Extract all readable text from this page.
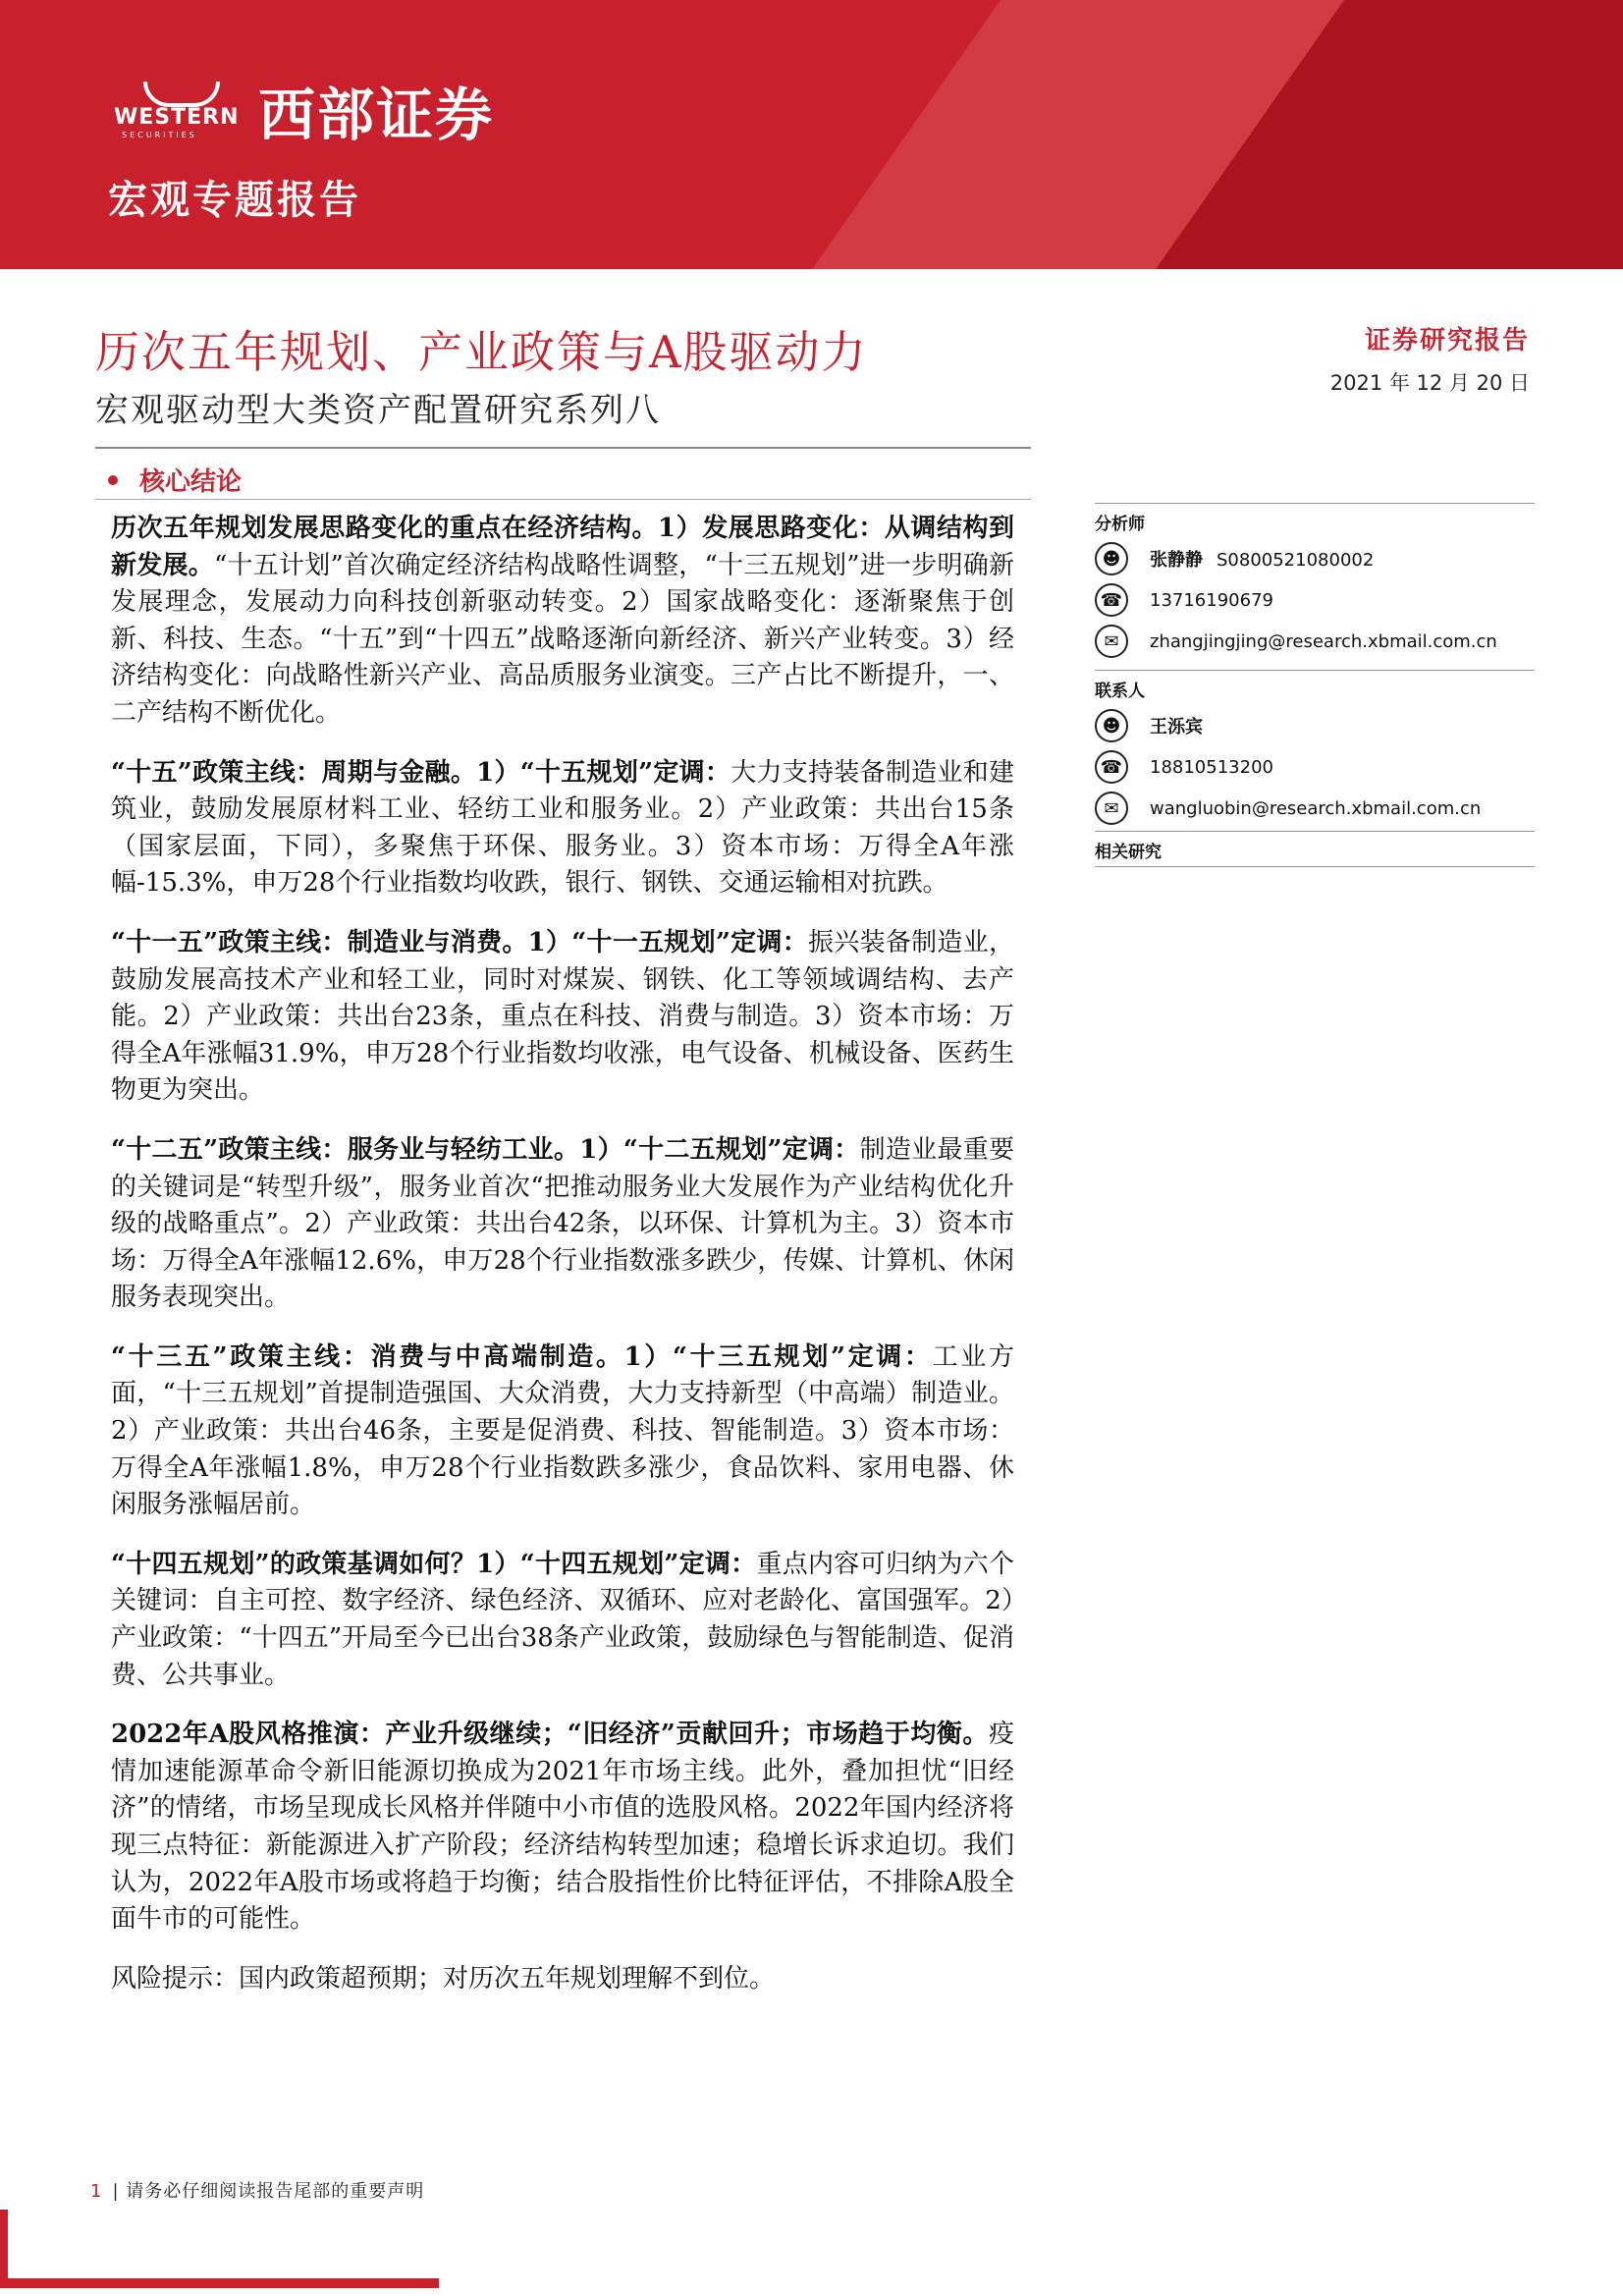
WESTERN
SECURITIES 西部证券
宏观专题报告
历次五年规划、产业政策与A股驱动力
宏观驱动型大类资产配置研究系列八
证券研究报告
2021 年 12 月 20 日
核心结论

历次五年规划发展思路变化的重点在经济结构。1）发展思路变化：从调结构到新发展。“十五计划”首次确定经济结构战略性调整，“十三五规划”进一步明确新发展理念，发展动力向科技创新驱动转变。2）国家战略变化：逐渐聚焦于创新、科技、生态。“十五”到“十四五”战略逐渐向新经济、新兴产业转变。3）经济结构变化：向战略性新兴产业、高品质服务业演变。三产占比不断提升，一、二产结构不断优化。

“十五”政策主线：周期与金融。1）“十五规划”定调：大力支持装备制造业和建筑业，鼓励发展原材料工业、轻纺工业和服务业。2）产业政策：共出台15条（国家层面，下同），多聚焦于环保、服务业。3）资本市场：万得全A年涨幅-15.3%，申万28个行业指数均收跌，银行、钢铁、交通运输相对抗跌。

“十一五”政策主线：制造业与消费。1）“十一五规划”定调：振兴装备制造业，鼓励发展高技术产业和轻工业，同时对煤炭、钢铁、化工等领域调结构、去产能。2）产业政策：共出台23条，重点在科技、消费与制造。3）资本市场：万得全A年涨幅31.9%，申万28个行业指数均收涨，电气设备、机械设备、医药生物更为突出。

“十二五”政策主线：服务业与轻纺工业。1）“十二五规划”定调：制造业最重要的关键词是“转型升级”，服务业首次“把推动服务业大发展作为产业结构优化升级的战略重点”。2）产业政策：共出台42条，以环保、计算机为主。3）资本市场：万得全A年涨幅12.6%，申万28个行业指数涨多跌少，传媒、计算机、休闲服务表现突出。

“十三五”政策主线：消费与中高端制造。1）“十三五规划”定调：工业方面，“十三五规划”首提制造强国、大众消费，大力支持新型（中高端）制造业。2）产业政策：共出台46条，主要是促消费、科技、智能制造。3）资本市场：万得全A年涨幅1.8%，申万28个行业指数跌多涨少，食品饮料、家用电器、休闲服务涨幅居前。

“十四五规划”的政策基调如何？1）“十四五规划”定调：重点内容可归纳为六个关键词：自主可控、数字经济、绿色经济、双循环、应对老龄化、富国强军。2）产业政策：“十四五”开局至今已出台38条产业政策，鼓励绿色与智能制造、促消费、公共事业。

2022年A股风格推演：产业升级继续；“旧经济”贡献回升；市场趋于均衡。疫情加速能源革命令新旧能源切换成为2021年市场主线。此外，叠加担忧“旧经济”的情绪，市场呈现成长风格并伴随中小市值的选股风格。2022年国内经济将现三点特征：新能源进入扩产阶段；经济结构转型加速；稳增长诉求迫切。我们认为，2022年A股市场或将趋于均衡；结合股指性价比特征评估，不排除A股全面牛市的可能性。

风险提示：国内政策超预期；对历次五年规划理解不到位。

分析师
☻	张静静 S0800521080002
☎	13716190679
✉	zhangjingjing@research.xbmail.com.cn
联系人
☻	王泺宾
☎	18810513200
✉	wangluobin@research.xbmail.com.cn
相关研究
1 | 请务必仔细阅读报告尾部的重要声明
